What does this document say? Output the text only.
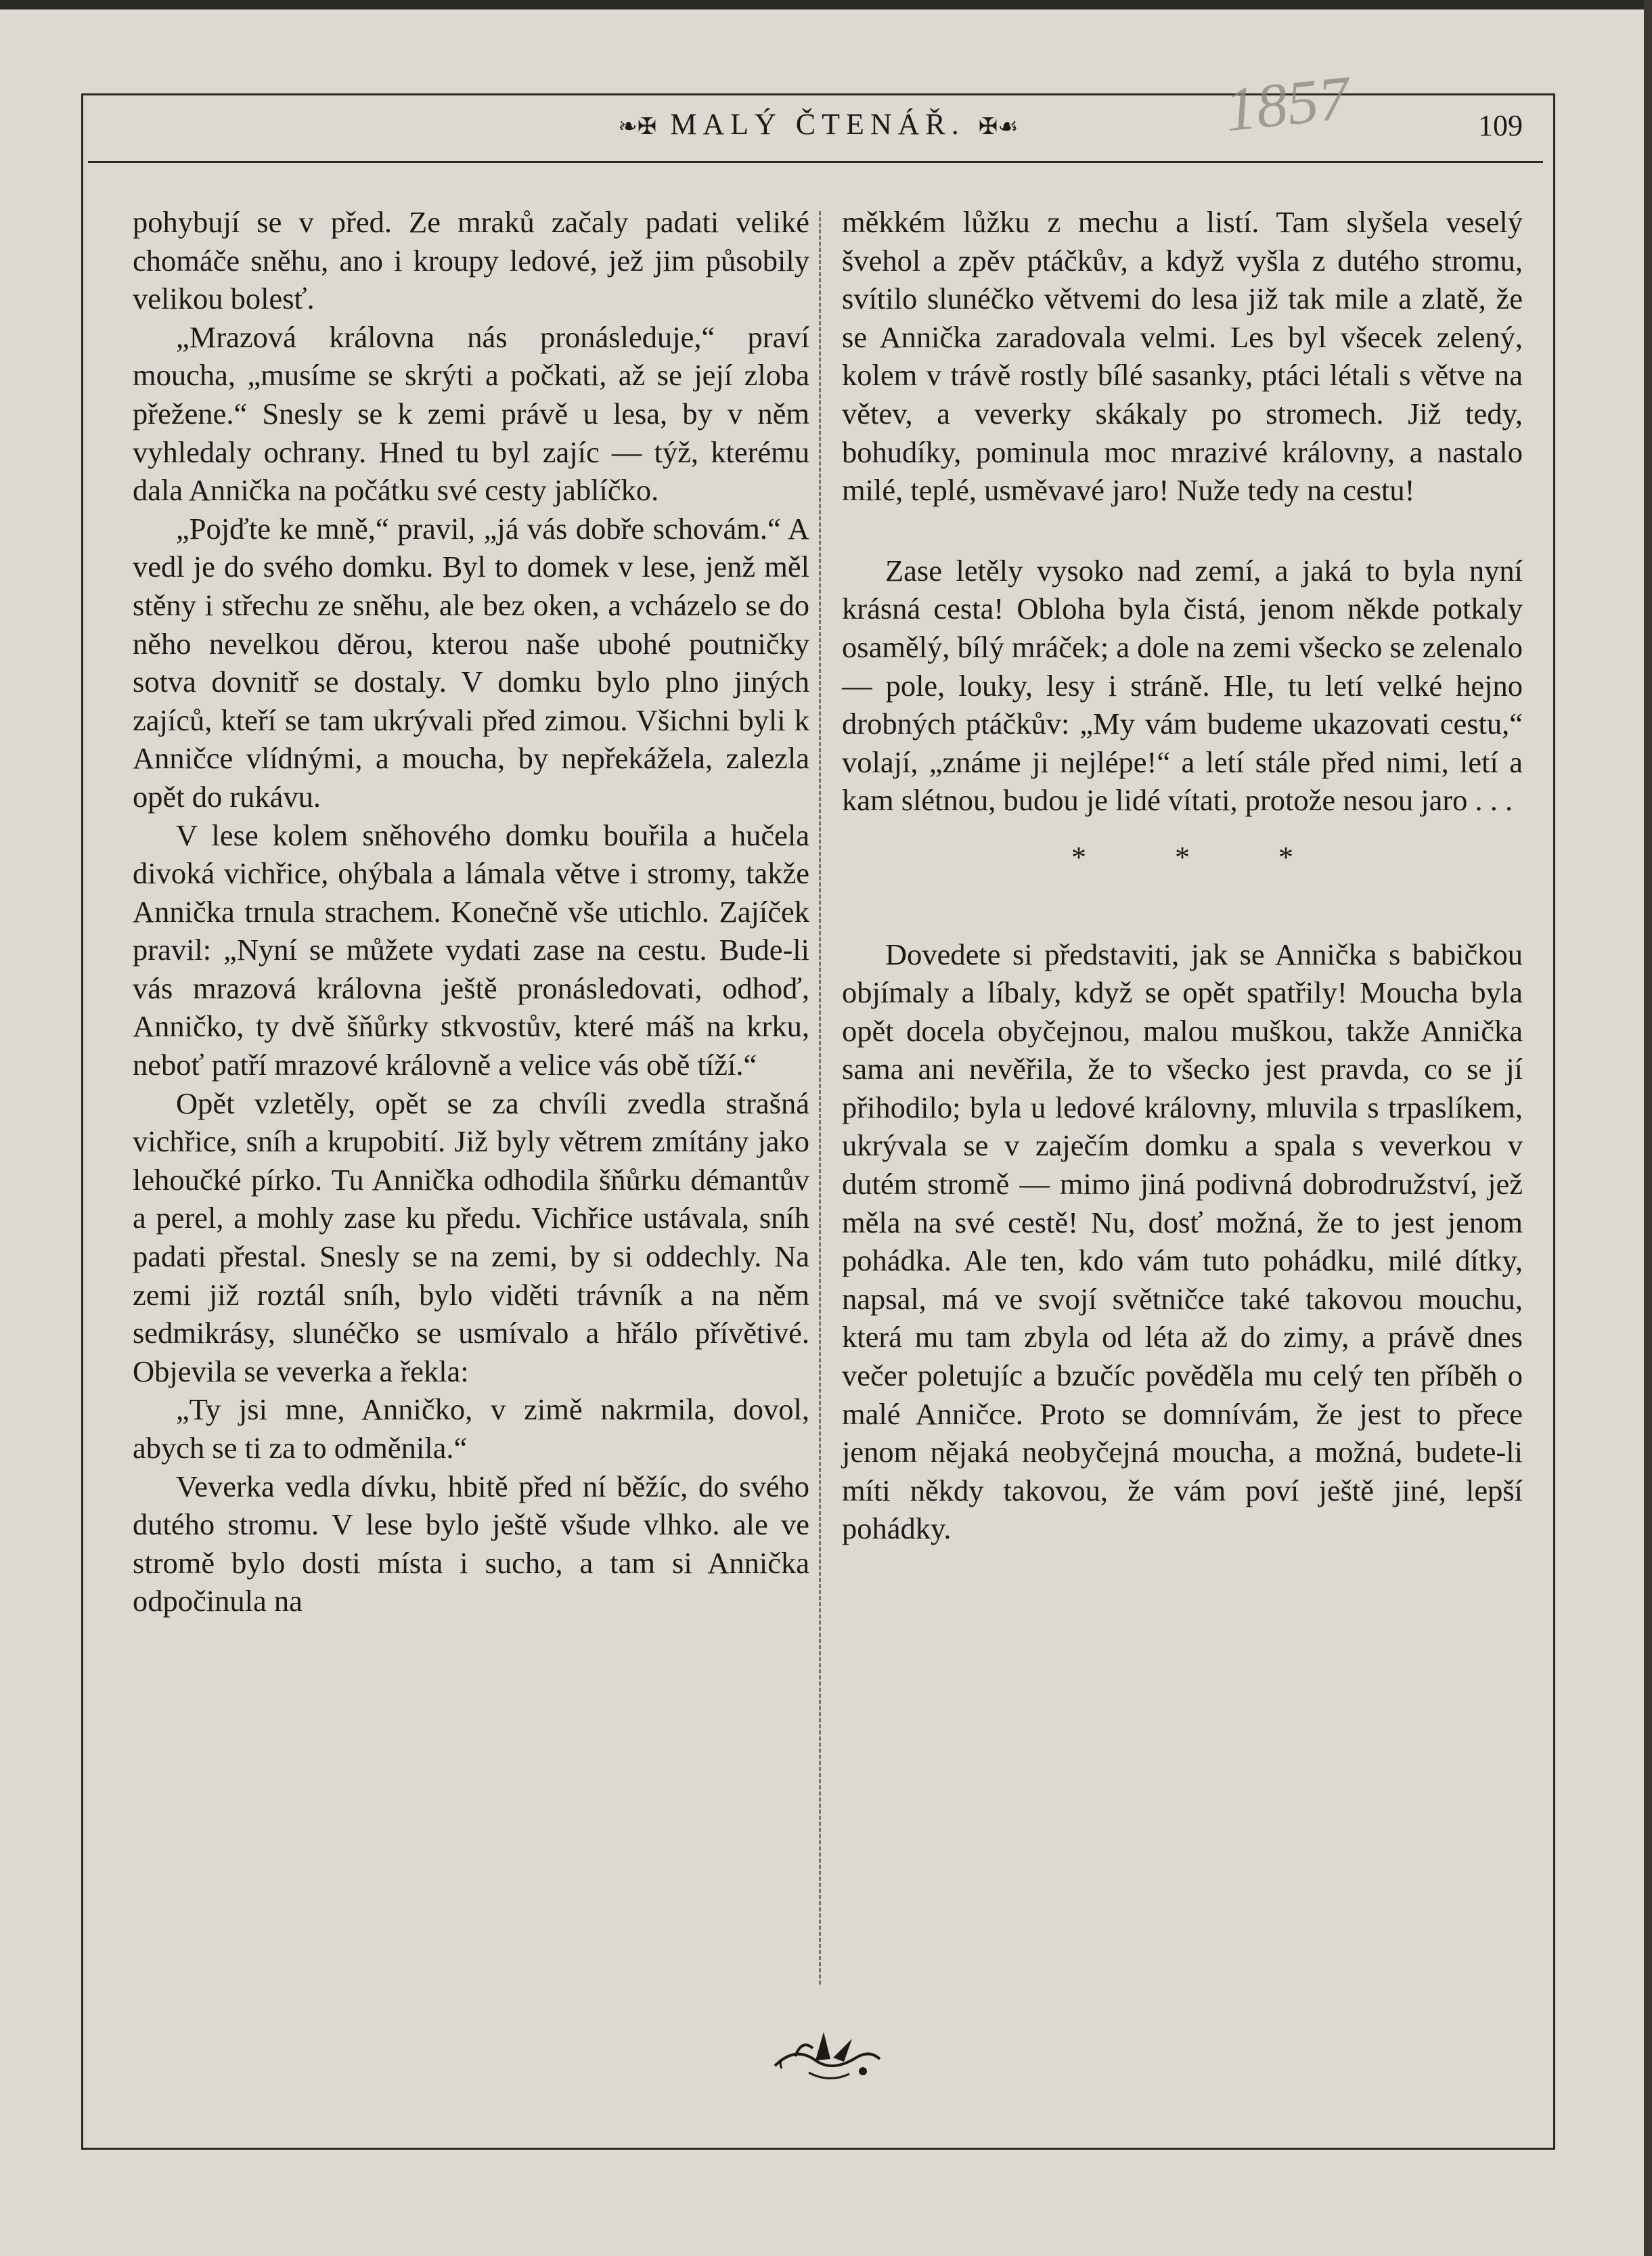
1857
❧✠ MALÝ ČTENÁŘ. ✠☙	109

pohybují se v před. Ze mraků začaly padati veliké chomáče sněhu, ano i kroupy ledové, jež jim působily velikou bolesť.

„Mrazová královna nás pronásleduje,“ praví moucha, „musíme se skrýti a počkati, až se její zloba přežene.“ Snesly se k zemi právě u lesa, by v něm vyhledaly ochrany. Hned tu byl zajíc — týž, kterému dala Annička na počátku své cesty jablíčko.

„Pojďte ke mně,“ pravil, „já vás dobře schovám.“ A vedl je do svého domku. Byl to domek v lese, jenž měl stěny i střechu ze sněhu, ale bez oken, a vcházelo se do něho nevelkou dĕrou, kterou naše ubohé poutničky sotva dovnitř se dostaly. V domku bylo plno jiných zajíců, kteří se tam ukrývali před zimou. Všichni byli k Anničce vlídnými, a moucha, by nepřekážela, zalezla opět do rukávu.

V lese kolem sněhového domku bouřila a hučela divoká vichřice, ohýbala a lámala větve i stromy, takže Annička trnula strachem. Konečně vše utichlo. Zajíček pravil: „Nyní se můžete vydati zase na cestu. Bude-li vás mrazová královna ještě pronásledovati, odhoď, Anničko, ty dvě šňůrky stkvostův, které máš na krku, neboť patří mrazové královně a velice vás obě tíží.“

Opět vzletěly, opět se za chvíli zvedla strašná vichřice, sníh a krupobití. Již byly větrem zmítány jako lehoučké pírko. Tu Annička odhodila šňůrku démantův a perel, a mohly zase ku předu. Vichřice ustávala, sníh padati přestal. Snesly se na zemi, by si oddechly. Na zemi již roztál sníh, bylo viděti trávník a na něm sedmikrásy, slunéčko se usmívalo a hřálo přívětivé. Objevila se veverka a řekla:

„Ty jsi mne, Anničko, v zimě nakrmila, dovol, abych se ti za to odměnila.“

Veverka vedla dívku, hbitě před ní běžíc, do svého dutého stromu. V lese bylo ještě všude vlhko. ale ve stromě bylo dosti místa i sucho, a tam si Annička odpočinula na

měkkém lůžku z mechu a listí. Tam slyšela veselý švehol a zpěv ptáčkův, a když vyšla z dutého stromu, svítilo slunéčko větvemi do lesa již tak mile a zlatě, že se Annička zaradovala velmi. Les byl všecek zelený, kolem v trávě rostly bílé sasanky, ptáci létali s větve na větev, a veverky skákaly po stromech. Již tedy, bohudíky, pominula moc mrazivé královny, a nastalo milé, teplé, usměvavé jaro! Nuže tedy na cestu!

Zase letěly vysoko nad zemí, a jaká to byla nyní krásná cesta! Obloha byla čistá, jenom někde potkaly osamělý, bílý mráček; a dole na zemi všecko se zelenalo — pole, louky, lesy i stráně. Hle, tu letí velké hejno drobných ptáčkův: „My vám budeme ukazovati cestu,“ volají, „známe ji nejlépe!“ a letí stále před nimi, letí a kam slétnou, budou je lidé vítati, protože nesou jaro . . .

* * *

Dovedete si představiti, jak se Annička s babičkou objímaly a líbaly, když se opět spatřily! Moucha byla opět docela obyčejnou, malou muškou, takže Annička sama ani nevěřila, že to všecko jest pravda, co se jí přihodilo; byla u ledové královny, mluvila s trpaslíkem, ukrývala se v zaječím domku a spala s veverkou v dutém stromě — mimo jiná podivná dobrodružství, jež měla na své cestě! Nu, dosť možná, že to jest jenom pohádka. Ale ten, kdo vám tuto pohádku, milé dítky, napsal, má ve svojí světničce také takovou mouchu, která mu tam zbyla od léta až do zimy, a právě dnes večer poletujíc a bzučíc pověděla mu celý ten příběh o malé Anničce. Proto se domnívám, že jest to přece jenom nějaká neobyčejná moucha, a možná, budete-li míti někdy takovou, že vám poví ještě jiné, lepší pohádky.
